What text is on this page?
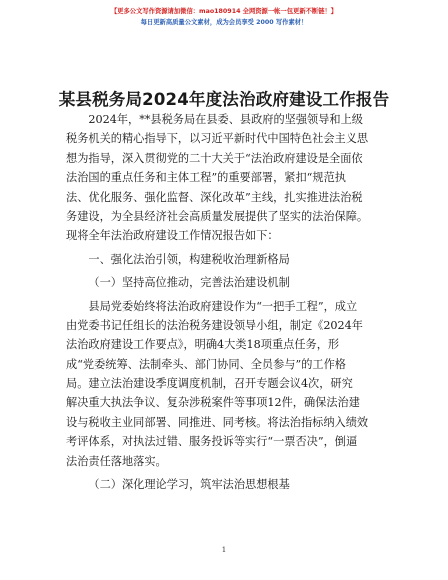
【更多公文写作资源请加微信：mao180914 全网资源一帐一包更新不断链！】
每日更新高质量公文素材，成为会员享受 2000 写作素材！
某县税务局2024年度法治政府建设工作报告
2024年，**县税务局在县委、县政府的坚强领导和上级
税务机关的精心指导下，以习近平新时代中国特色社会主义思
想为指导，深入贯彻党的二十大关于“法治政府建设是全面依
法治国的重点任务和主体工程”的重要部署，紧扣“规范执
法、优化服务、强化监督、深化改革”主线，扎实推进法治税
务建设，为全县经济社会高质量发展提供了坚实的法治保障。
现将全年法治政府建设工作情况报告如下：
一、强化法治引领，构建税收治理新格局
（一）坚持高位推动，完善法治建设机制
县局党委始终将法治政府建设作为“一把手工程”，成立
由党委书记任组长的法治税务建设领导小组，制定《2024年
法治政府建设工作要点》，明确4大类18项重点任务，形
成“党委统筹、法制牵头、部门协同、全员参与”的工作格
局。建立法治建设季度调度机制，召开专题会议4次，研究
解决重大执法争议、复杂涉税案件等事项12件，确保法治建
设与税收主业同部署、同推进、同考核。将法治指标纳入绩效
考评体系，对执法过错、服务投诉等实行“一票否决”，倒逼
法治责任落地落实。
（二）深化理论学习，筑牢法治思想根基
1
